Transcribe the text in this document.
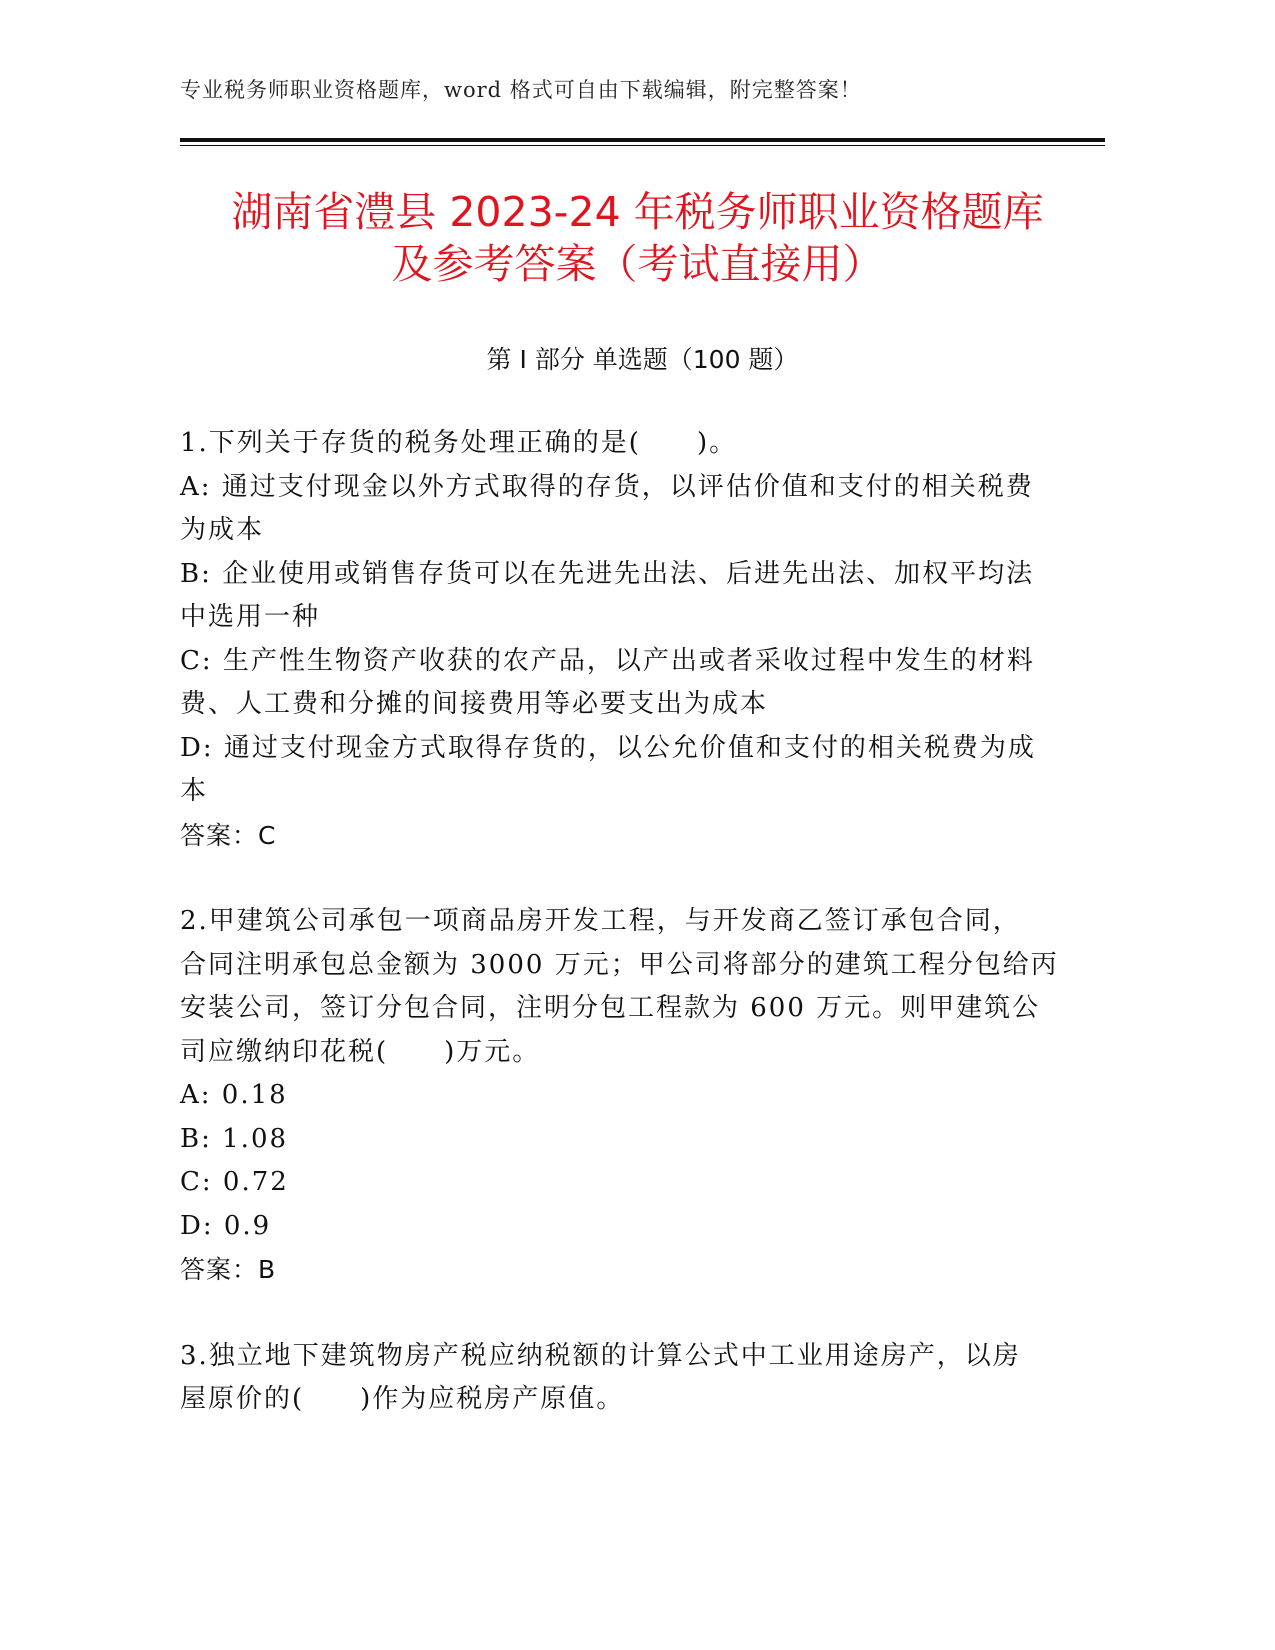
专业税务师职业资格题库，word 格式可自由下载编辑，附完整答案！
湖南省澧县 2023-24 年税务师职业资格题库
及参考答案（考试直接用）
第 I 部分 单选题（100 题）
1.下列关于存货的税务处理正确的是(　　)。
A: 通过支付现金以外方式取得的存货，以评估价值和支付的相关税费
为成本
B: 企业使用或销售存货可以在先进先出法、后进先出法、加权平均法
中选用一种
C: 生产性生物资产收获的农产品，以产出或者采收过程中发生的材料
费、人工费和分摊的间接费用等必要支出为成本
D: 通过支付现金方式取得存货的，以公允价值和支付的相关税费为成
本
答案：C
2.甲建筑公司承包一项商品房开发工程，与开发商乙签订承包合同，
合同注明承包总金额为 3000 万元；甲公司将部分的建筑工程分包给丙
安装公司，签订分包合同，注明分包工程款为 600 万元。则甲建筑公
司应缴纳印花税(　　)万元。
A: 0.18
B: 1.08
C: 0.72
D: 0.9
答案：B
3.独立地下建筑物房产税应纳税额的计算公式中工业用途房产，以房
屋原价的(　　)作为应税房产原值。
